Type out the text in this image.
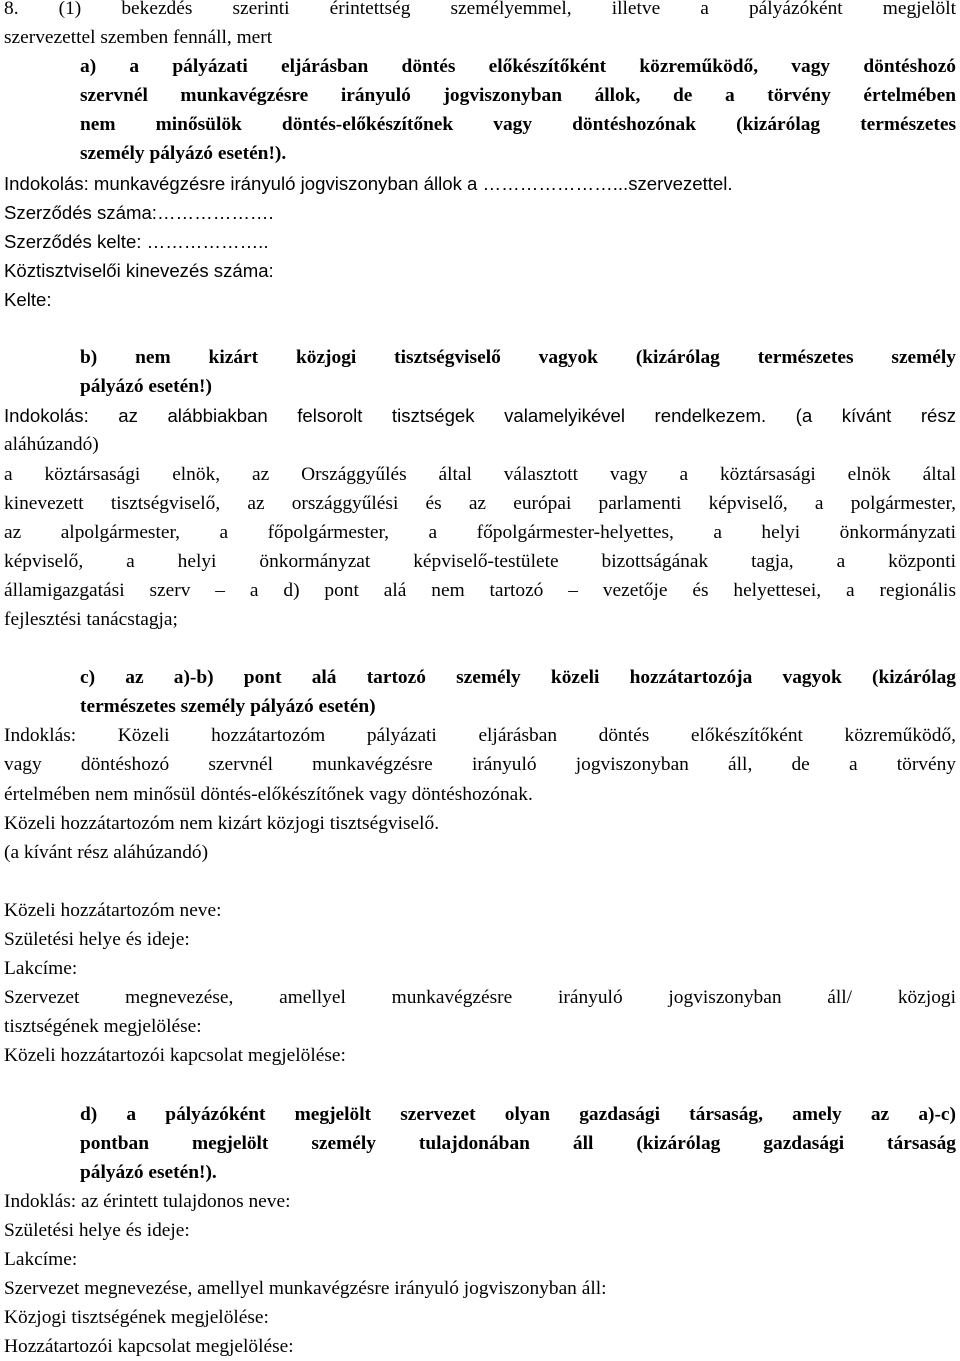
8. (1) bekezdés szerinti érintettség személyemmel, illetve a pályázóként megjelölt
szervezettel szemben fennáll, mert
a) a pályázati eljárásban döntés előkészítőként közreműködő, vagy döntéshozó
szervnél munkavégzésre irányuló jogviszonyban állok, de a törvény értelmében
nem minősülök döntés-előkészítőnek vagy döntéshozónak (kizárólag természetes
személy pályázó esetén!).
Indokolás: munkavégzésre irányuló jogviszonyban állok a …………………...szervezettel.
Szerződés száma:……………….
Szerződés kelte: ………………..
Köztisztviselői kinevezés száma:
Kelte:
b) nem kizárt közjogi tisztségviselő vagyok (kizárólag természetes személy
pályázó esetén!)
Indokolás: az alábbiakban felsorolt tisztségek valamelyikével rendelkezem. (a kívánt rész
aláhúzandó)
a köztársasági elnök, az Országgyűlés által választott vagy a köztársasági elnök által
kinevezett tisztségviselő, az országgyűlési és az európai parlamenti képviselő, a polgármester,
az alpolgármester, a főpolgármester, a főpolgármester-helyettes, a helyi önkormányzati
képviselő, a helyi önkormányzat képviselő-testülete bizottságának tagja, a központi
államigazgatási szerv – a d) pont alá nem tartozó – vezetője és helyettesei, a regionális
fejlesztési tanácstagja;
c) az a)-b) pont alá tartozó személy közeli hozzátartozója vagyok (kizárólag
természetes személy pályázó esetén)
Indoklás: Közeli hozzátartozóm pályázati eljárásban döntés előkészítőként közreműködő,
vagy döntéshozó szervnél munkavégzésre irányuló jogviszonyban áll, de a törvény
értelmében nem minősül döntés-előkészítőnek vagy döntéshozónak.
Közeli hozzátartozóm nem kizárt közjogi tisztségviselő.
(a kívánt rész aláhúzandó)
Közeli hozzátartozóm neve:
Születési helye és ideje:
Lakcíme:
Szervezet megnevezése, amellyel munkavégzésre irányuló jogviszonyban áll/ közjogi
tisztségének megjelölése:
Közeli hozzátartozói kapcsolat megjelölése:
d) a pályázóként megjelölt szervezet olyan gazdasági társaság, amely az a)-c)
pontban megjelölt személy tulajdonában áll (kizárólag gazdasági társaság
pályázó esetén!).
Indoklás: az érintett tulajdonos neve:
Születési helye és ideje:
Lakcíme:
Szervezet megnevezése, amellyel munkavégzésre irányuló jogviszonyban áll:
Közjogi tisztségének megjelölése:
Hozzátartozói kapcsolat megjelölése:
